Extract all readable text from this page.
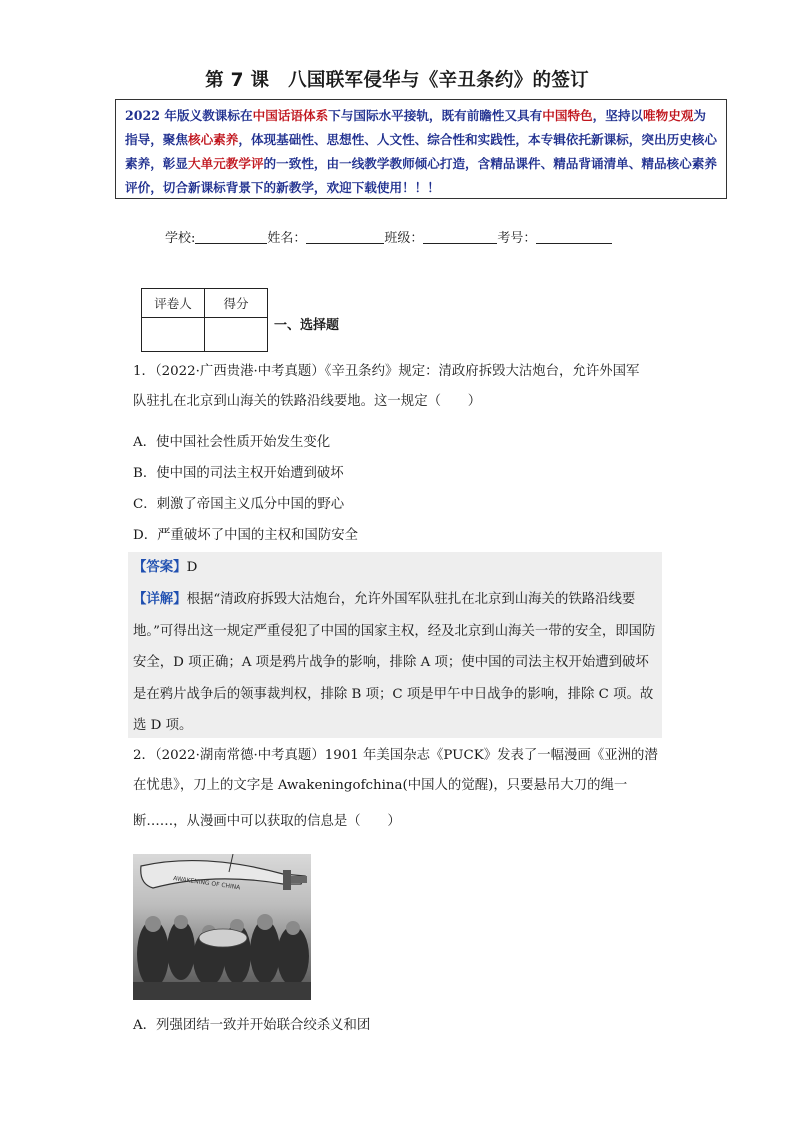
第 7 课　八国联军侵华与《辛丑条约》的签订
2022 年版义教课标在中国话语体系下与国际水平接轨，既有前瞻性又具有中国特色，坚持以唯物史观为指导，聚焦核心素养，体现基础性、思想性、人文性、综合性和实践性，本专辑依托新课标，突出历史核心素养，彰显大单元教学评的一致性，由一线教学教师倾心打造，含精品课件、精品背诵清单、精品核心素养评价，切合新课标背景下的新教学，欢迎下载使用！！！
学校:	姓名：	班级：	考号：
评卷人	得分

一、选择题
1．（2022·广西贵港·中考真题）《辛丑条约》规定：清政府拆毁大沽炮台，允许外国军
队驻扎在北京到山海关的铁路沿线要地。这一规定（　　）
A．使中国社会性质开始发生变化
B．使中国的司法主权开始遭到破坏
C．刺激了帝国主义瓜分中国的野心
D．严重破坏了中国的主权和国防安全
【答案】D
【详解】根据“清政府拆毁大沽炮台，允许外国军队驻扎在北京到山海关的铁路沿线要地。”可得出这一规定严重侵犯了中国的国家主权，经及北京到山海关一带的安全，即国防安全，D 项正确；A 项是鸦片战争的影响，排除 A 项；使中国的司法主权开始遭到破坏是在鸦片战争后的领事裁判权，排除 B 项；C 项是甲午中日战争的影响，排除 C 项。故选 D 项。
2．（2022·湖南常德·中考真题）1901 年美国杂志《PUCK》发表了一幅漫画《亚洲的潜
在忧患》，刀上的文字是 Awakeningofchina(中国人的觉醒)，只要悬吊大刀的绳一
断……，从漫画中可以获取的信息是（　　）
AWAKENING OF CHINA
A．列强团结一致并开始联合绞杀义和团
